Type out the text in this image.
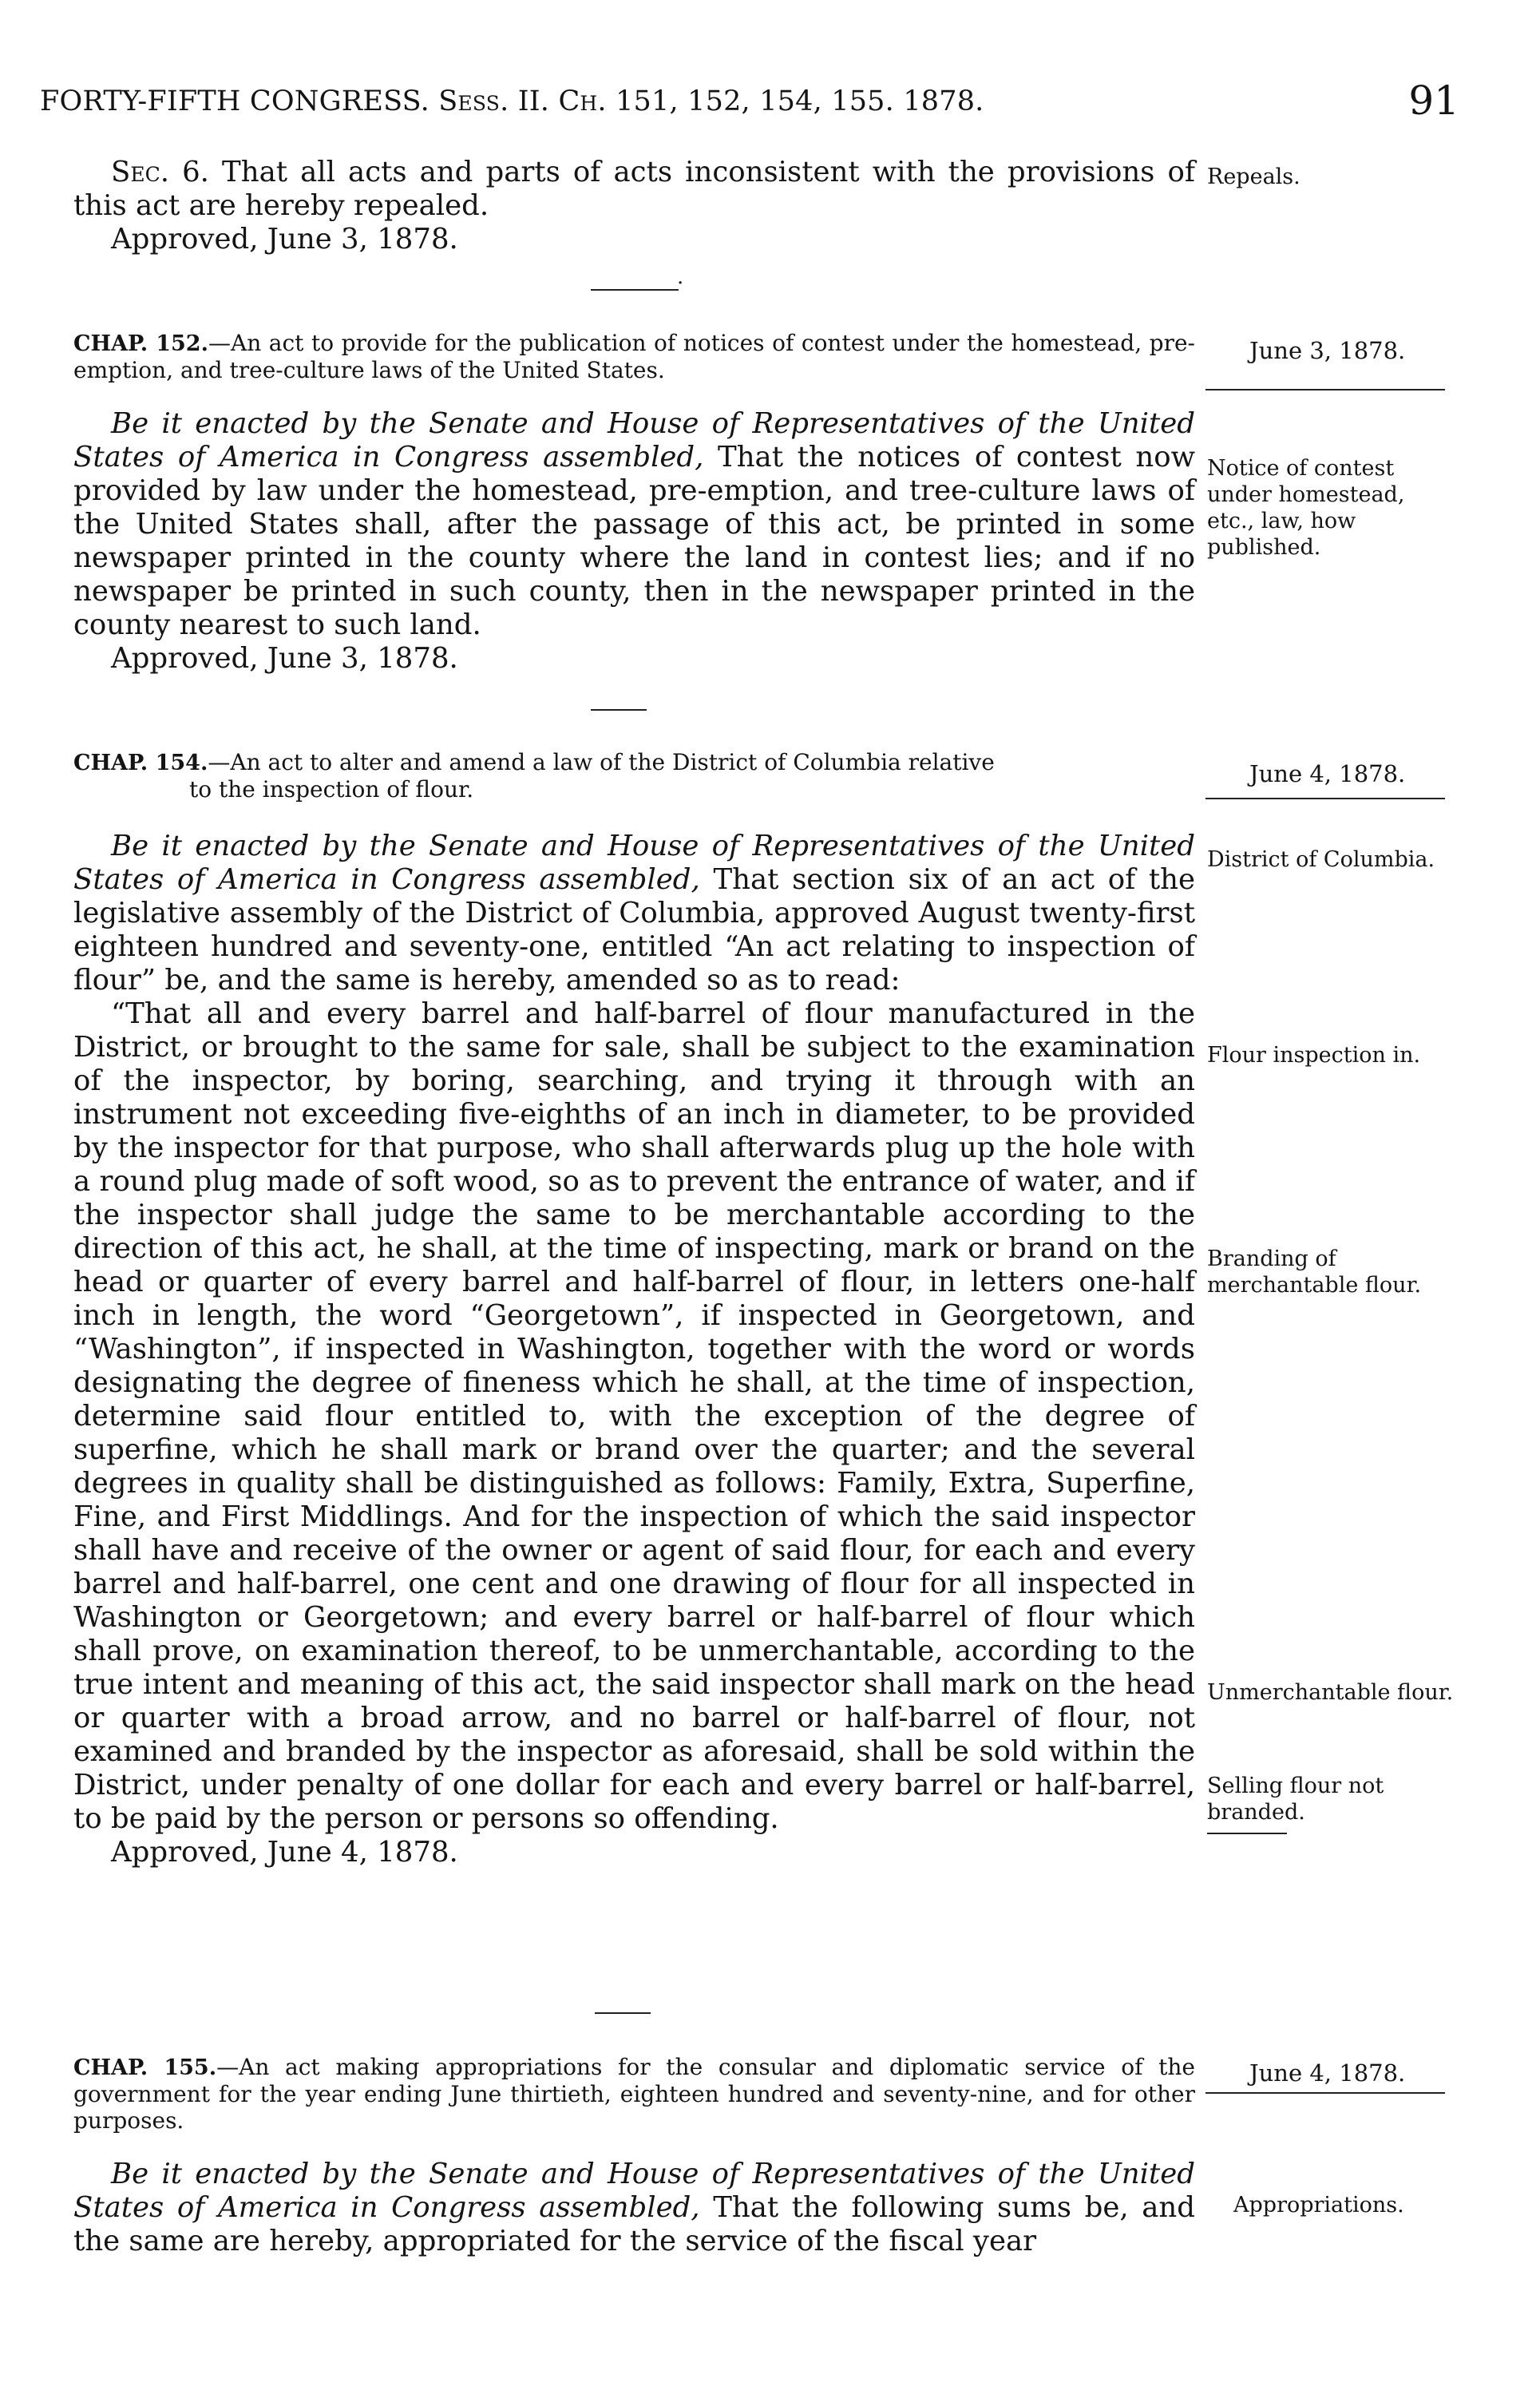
FORTY-FIFTH CONGRESS. Sess. II. Ch. 151, 152, 154, 155. 1878.	91

Sec. 6. That all acts and parts of acts inconsistent with the provisions of this act are hereby repealed.

Approved, June 3, 1878.

Repeals.
.
CHAP. 152.—An act to provide for the publication of notices of contest under the homestead, pre-emption, and tree-culture laws of the United States.
June 3, 1878.

Be it enacted by the Senate and House of Representatives of the United States of America in Congress assembled, That the notices of contest now provided by law under the homestead, pre-emption, and tree-culture laws of the United States shall, after the passage of this act, be printed in some newspaper printed in the county where the land in contest lies; and if no newspaper be printed in such county, then in the newspaper printed in the county nearest to such land.

Approved, June 3, 1878.

Notice of contest under homestead, etc., law, how published.
CHAP. 154.—An act to alter and amend a law of the District of Columbia relative
to the inspection of flour.
June 4, 1878.

Be it enacted by the Senate and House of Representatives of the United States of America in Congress assembled, That section six of an act of the legislative assembly of the District of Columbia, approved August twenty-first eighteen hundred and seventy-one, entitled “An act relating to inspection of flour” be, and the same is hereby, amended so as to read:

“That all and every barrel and half-barrel of flour manufactured in the District, or brought to the same for sale, shall be subject to the examination of the inspector, by boring, searching, and trying it through with an instrument not exceeding five-eighths of an inch in diameter, to be provided by the inspector for that purpose, who shall afterwards plug up the hole with a round plug made of soft wood, so as to prevent the entrance of water, and if the inspector shall judge the same to be merchantable according to the direction of this act, he shall, at the time of inspecting, mark or brand on the head or quarter of every barrel and half-barrel of flour, in letters one-half inch in length, the word “Georgetown”, if inspected in Georgetown, and “Washington”, if inspected in Washington, together with the word or words designating the degree of fineness which he shall, at the time of inspection, determine said flour entitled to, with the exception of the degree of superfine, which he shall mark or brand over the quarter; and the several degrees in quality shall be distinguished as follows: Family, Extra, Superfine, Fine, and First Middlings. And for the inspection of which the said inspector shall have and receive of the owner or agent of said flour, for each and every barrel and half-barrel, one cent and one drawing of flour for all inspected in Washington or Georgetown; and every barrel or half-barrel of flour which shall prove, on examination thereof, to be unmerchantable, according to the true intent and meaning of this act, the said inspector shall mark on the head or quarter with a broad arrow, and no barrel or half-barrel of flour, not examined and branded by the inspector as aforesaid, shall be sold within the District, under penalty of one dollar for each and every barrel or half-barrel, to be paid by the person or persons so offending.

Approved, June 4, 1878.

District of Columbia.
Flour inspection in.
Branding of merchantable flour.
Unmerchantable flour.
Selling flour not branded.
CHAP. 155.—An act making appropriations for the consular and diplomatic service of the government for the year ending June thirtieth, eighteen hundred and seventy-nine, and for other purposes.
June 4, 1878.

Be it enacted by the Senate and House of Representatives of the United States of America in Congress assembled, That the following sums be, and the same are hereby, appropriated for the service of the fiscal year

Appropriations.
